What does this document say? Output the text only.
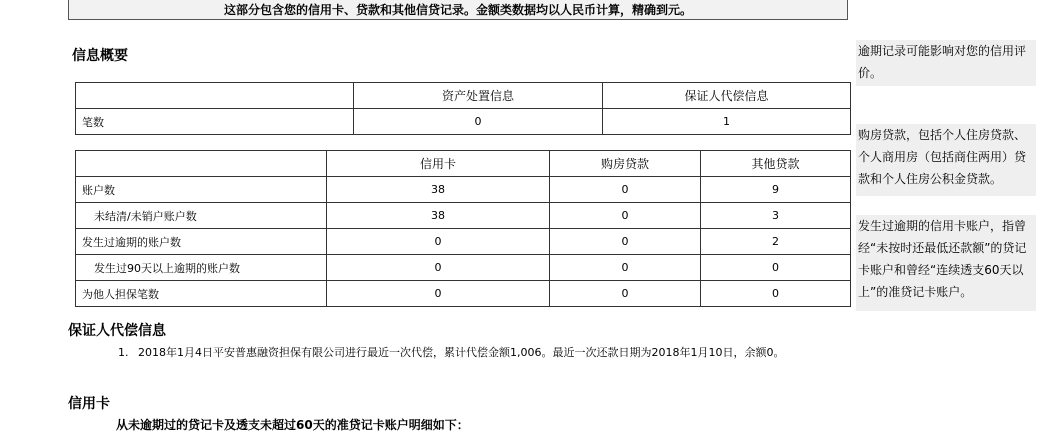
这部分包含您的信用卡、贷款和其他信贷记录。金额类数据均以人民币计算，精确到元。
信息概要
	资产处置信息	保证人代偿信息
笔数	0	1
	信用卡	购房贷款	其他贷款
账户数	38	0	9
未结清/未销户账户数	38	0	3
发生过逾期的账户数	0	0	2
发生过90天以上逾期的账户数	0	0	0
为他人担保笔数	0	0	0
逾期记录可能影响对您的信用评价。
购房贷款，包括个人住房贷款、个人商用房（包括商住两用）贷款和个人住房公积金贷款。
发生过逾期的信用卡账户，指曾经“未按时还最低还款额”的贷记卡账户和曾经“连续透支60天以上”的准贷记卡账户。
保证人代偿信息
1. 2018年1月4日平安普惠融资担保有限公司进行最近一次代偿，累计代偿金额1,006。最近一次还款日期为2018年1月10日，余额0。
信用卡
从未逾期过的贷记卡及透支未超过60天的准贷记卡账户明细如下：
